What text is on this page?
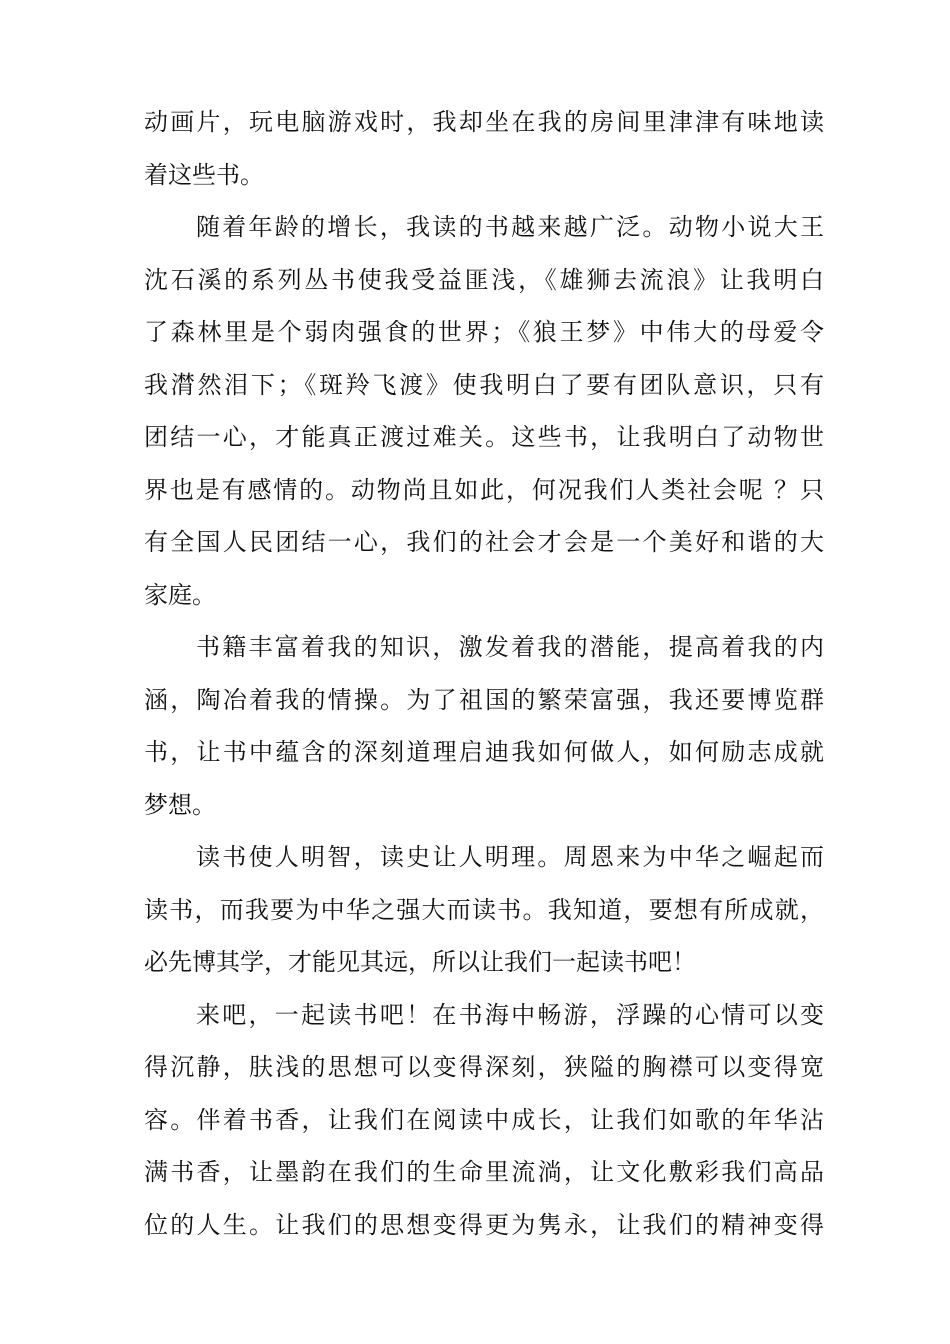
动画片，玩电脑游戏时，我却坐在我的房间里津津有味地读
着这些书。
随着年龄的增长，我读的书越来越广泛。动物小说大王
沈石溪的系列丛书使我受益匪浅，《雄狮去流浪》让我明白
了森林里是个弱肉强食的世界；《狼王梦》中伟大的母爱令
我潸然泪下；《斑羚飞渡》使我明白了要有团队意识，只有
团结一心，才能真正渡过难关。这些书，让我明白了动物世
界也是有感情的。动物尚且如此，何况我们人类社会呢 ？只
有全国人民团结一心，我们的社会才会是一个美好和谐的大
家庭。
书籍丰富着我的知识，激发着我的潜能，提高着我的内
涵，陶冶着我的情操。为了祖国的繁荣富强，我还要博览群
书，让书中蕴含的深刻道理启迪我如何做人，如何励志成就
梦想。
读书使人明智，读史让人明理。周恩来为中华之崛起而
读书，而我要为中华之强大而读书。我知道，要想有所成就，
必先博其学，才能见其远，所以让我们一起读书吧！
来吧，一起读书吧！在书海中畅游，浮躁的心情可以变
得沉静，肤浅的思想可以变得深刻，狭隘的胸襟可以变得宽
容。伴着书香，让我们在阅读中成长，让我们如歌的年华沾
满书香，让墨韵在我们的生命里流淌，让文化敷彩我们高品
位的人生。让我们的思想变得更为隽永，让我们的精神变得
